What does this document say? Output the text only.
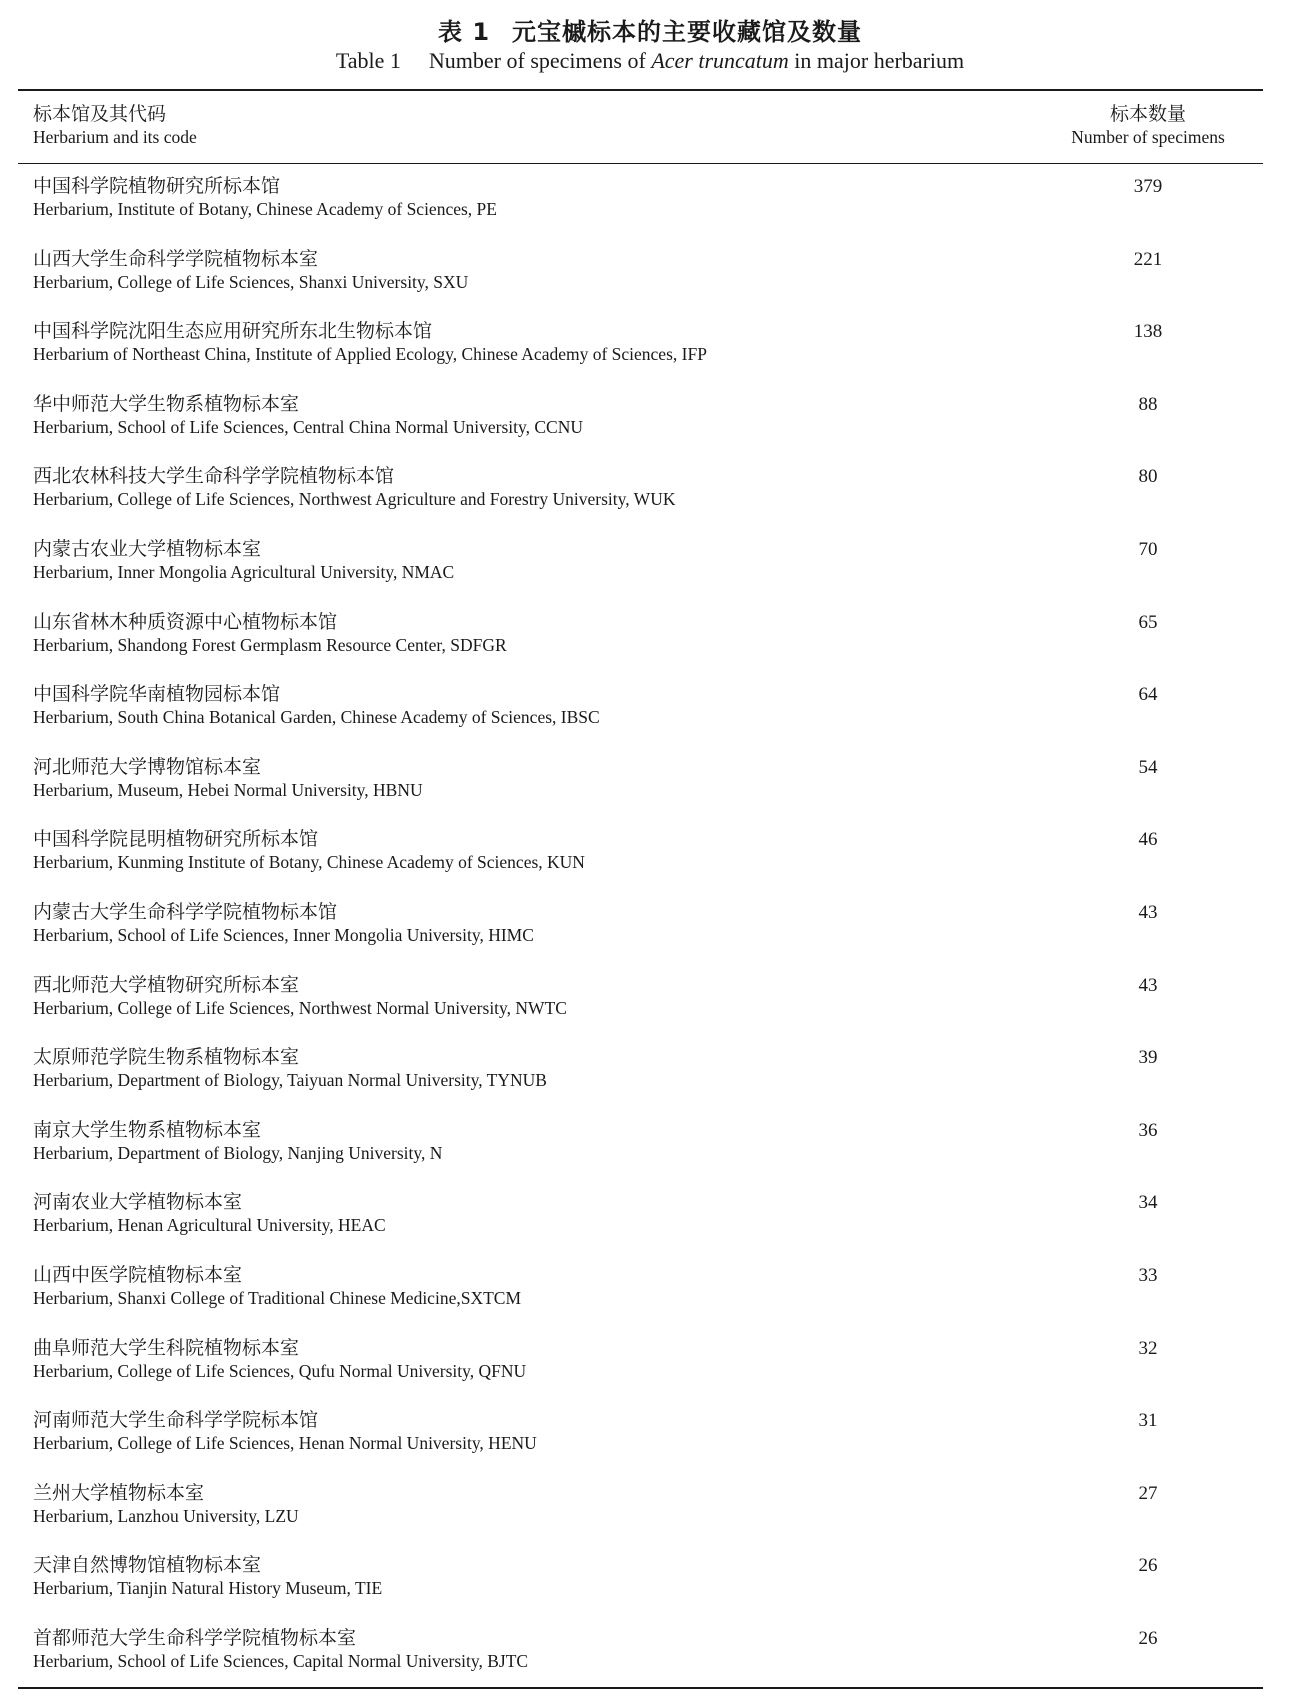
表 1 元宝槭标本的主要收藏馆及数量
Table 1 Number of specimens of Acer truncatum in major herbarium
标本馆及其代码
Herbarium and its code
标本数量
Number of specimens
中国科学院植物研究所标本馆
Herbarium, Institute of Botany, Chinese Academy of Sciences, PE
379
山西大学生命科学学院植物标本室
Herbarium, College of Life Sciences, Shanxi University, SXU
221
中国科学院沈阳生态应用研究所东北生物标本馆
Herbarium of Northeast China, Institute of Applied Ecology, Chinese Academy of Sciences, IFP
138
华中师范大学生物系植物标本室
Herbarium, School of Life Sciences, Central China Normal University, CCNU
88
西北农林科技大学生命科学学院植物标本馆
Herbarium, College of Life Sciences, Northwest Agriculture and Forestry University, WUK
80
内蒙古农业大学植物标本室
Herbarium, Inner Mongolia Agricultural University, NMAC
70
山东省林木种质资源中心植物标本馆
Herbarium, Shandong Forest Germplasm Resource Center, SDFGR
65
中国科学院华南植物园标本馆
Herbarium, South China Botanical Garden, Chinese Academy of Sciences, IBSC
64
河北师范大学博物馆标本室
Herbarium, Museum, Hebei Normal University, HBNU
54
中国科学院昆明植物研究所标本馆
Herbarium, Kunming Institute of Botany, Chinese Academy of Sciences, KUN
46
内蒙古大学生命科学学院植物标本馆
Herbarium, School of Life Sciences, Inner Mongolia University, HIMC
43
西北师范大学植物研究所标本室
Herbarium, College of Life Sciences, Northwest Normal University, NWTC
43
太原师范学院生物系植物标本室
Herbarium, Department of Biology, Taiyuan Normal University, TYNUB
39
南京大学生物系植物标本室
Herbarium, Department of Biology, Nanjing University, N
36
河南农业大学植物标本室
Herbarium, Henan Agricultural University, HEAC
34
山西中医学院植物标本室
Herbarium, Shanxi College of Traditional Chinese Medicine,SXTCM
33
曲阜师范大学生科院植物标本室
Herbarium, College of Life Sciences, Qufu Normal University, QFNU
32
河南师范大学生命科学学院标本馆
Herbarium, College of Life Sciences, Henan Normal University, HENU
31
兰州大学植物标本室
Herbarium, Lanzhou University, LZU
27
天津自然博物馆植物标本室
Herbarium, Tianjin Natural History Museum, TIE
26
首都师范大学生命科学学院植物标本室
Herbarium, School of Life Sciences, Capital Normal University, BJTC
26
